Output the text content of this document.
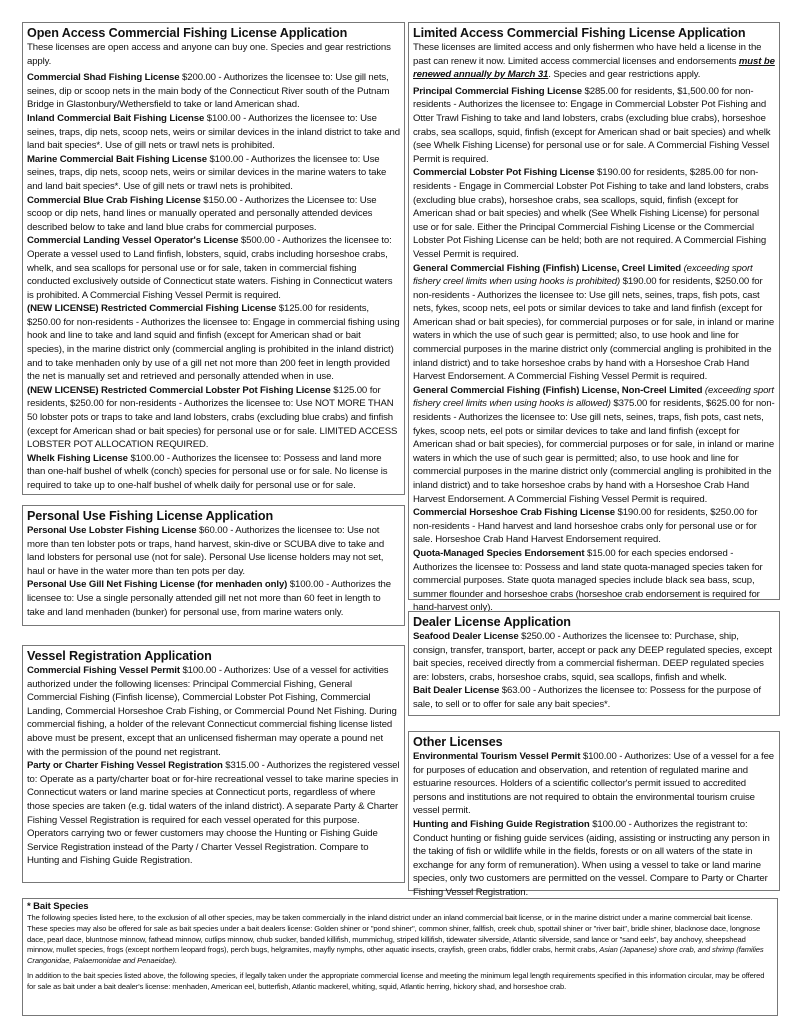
Open Access Commercial Fishing License Application

These licenses are open access and anyone can buy one. Species and gear restrictions apply.

Commercial Shad Fishing License $200.00 - Authorizes the licensee to: Use gill nets, seines, dip or scoop nets in the main body of the Connecticut River south of the Putnam Bridge in Glastonbury/Wethersfield to take or land American shad.

Inland Commercial Bait Fishing License $100.00 - Authorizes the licensee to: Use seines, traps, dip nets, scoop nets, weirs or similar devices in the inland district to take and land bait species*. Use of gill nets or trawl nets is prohibited.

Marine Commercial Bait Fishing License $100.00 - Authorizes the licensee to: Use seines, traps, dip nets, scoop nets, weirs or similar devices in the marine waters to take and land bait species*. Use of gill nets or trawl nets is prohibited.

Commercial Blue Crab Fishing License $150.00 - Authorizes the Licensee to: Use scoop or dip nets, hand lines or manually operated and personally attended devices described below to take and land blue crabs for commercial purposes.

Commercial Landing Vessel Operator's License $500.00 - Authorizes the licensee to: Operate a vessel used to Land finfish, lobsters, squid, crabs including horseshoe crabs, whelk, and sea scallops for personal use or for sale, taken in commercial fishing conducted exclusively outside of Connecticut state waters. Fishing in Connecticut waters is prohibited. A Commercial Fishing Vessel Permit is required.

(NEW LICENSE) Restricted Commercial Fishing License $125.00 for residents, $250.00 for non-residents - Authorizes the licensee to: Engage in commercial fishing using hook and line to take and land squid and finfish (except for American shad or bait species), in the marine district only (commercial angling is prohibited in the inland district) and to take menhaden only by use of a gill net not more than 200 feet in length provided the net is manually set and retrieved and personally attended when in use.

(NEW LICENSE) Restricted Commercial Lobster Pot Fishing License $125.00 for residents, $250.00 for non-residents - Authorizes the licensee to: Use NOT MORE THAN 50 lobster pots or traps to take and land lobsters, crabs (excluding blue crabs) and finfish (except for American shad or bait species) for personal use or for sale. LIMITED ACCESS LOBSTER POT ALLOCATION REQUIRED.

Whelk Fishing License $100.00 - Authorizes the licensee to: Possess and land more than one-half bushel of whelk (conch) species for personal use or for sale. No license is required to take up to one-half bushel of whelk daily for personal use or for sale.

Personal Use Fishing License Application

Personal Use Lobster Fishing License $60.00 - Authorizes the licensee to: Use not more than ten lobster pots or traps, hand harvest, skin-dive or SCUBA dive to take and land lobsters for personal use (not for sale). Personal Use license holders may not set, haul or have in the water more than ten pots per day.

Personal Use Gill Net Fishing License (for menhaden only) $100.00 - Authorizes the licensee to: Use a single personally attended gill net not more than 60 feet in length to take and land menhaden (bunker) for personal use, from marine waters only.

Vessel Registration Application

Commercial Fishing Vessel Permit $100.00 - Authorizes: Use of a vessel for activities authorized under the following licenses: Principal Commercial Fishing, General Commercial Fishing (Finfish license), Commercial Lobster Pot Fishing, Commercial Landing, Commercial Horseshoe Crab Fishing, or Commercial Pound Net Fishing. During commercial fishing, a holder of the relevant Connecticut commercial fishing license listed above must be present, except that an unlicensed fisherman may operate a pound net with the permission of the pound net registrant.

Party or Charter Fishing Vessel Registration $315.00 - Authorizes the registered vessel to: Operate as a party/charter boat or for-hire recreational vessel to take marine species in Connecticut waters or land marine species at Connecticut ports, regardless of where those species are taken (e.g. tidal waters of the inland district). A separate Party & Charter Fishing Vessel Registration is required for each vessel operated for this purpose. Operators carrying two or fewer customers may choose the Hunting or Fishing Guide Service Registration instead of the Party / Charter Vessel Registration. Compare to Hunting and Fishing Guide Registration.

Limited Access Commercial Fishing License Application

These licenses are limited access and only fishermen who have held a license in the past can renew it now. Limited access commercial licenses and endorsements must be renewed annually by March 31. Species and gear restrictions apply.

Principal Commercial Fishing License $285.00 for residents, $1,500.00 for non-residents - Authorizes the licensee to: Engage in Commercial Lobster Pot Fishing and Otter Trawl Fishing to take and land lobsters, crabs (excluding blue crabs), horseshoe crabs, sea scallops, squid, finfish (except for American shad or bait species) and whelk (see Whelk Fishing License) for personal use or for sale. A Commercial Fishing Vessel Permit is required.

Commercial Lobster Pot Fishing License $190.00 for residents, $285.00 for non-residents - Engage in Commercial Lobster Pot Fishing to take and land lobsters, crabs (excluding blue crabs), horseshoe crabs, sea scallops, squid, finfish (except for American shad or bait species) and whelk (See Whelk Fishing License) for personal use or for sale. Either the Principal Commercial Fishing License or the Commercial Lobster Pot Fishing License can be held; both are not required. A Commercial Fishing Vessel Permit is required.

General Commercial Fishing (Finfish) License, Creel Limited (exceeding sport fishery creel limits when using hooks is prohibited) $190.00 for residents, $250.00 for non-residents - Authorizes the licensee to: Use gill nets, seines, traps, fish pots, cast nets, fykes, scoop nets, eel pots or similar devices to take and land finfish (except for American shad or bait species), for commercial purposes or for sale, in inland or marine waters in which the use of such gear is permitted; also, to use hook and line for commercial purposes in the marine district only (commercial angling is prohibited in the inland district) and to take horseshoe crabs by hand with a Horseshoe Crab Hand Harvest Endorsement. A Commercial Fishing Vessel Permit is required.

General Commercial Fishing (Finfish) License, Non-Creel Limited (exceeding sport fishery creel limits when using hooks is allowed) $375.00 for residents, $625.00 for non-residents - Authorizes the licensee to: Use gill nets, seines, traps, fish pots, cast nets, fykes, scoop nets, eel pots or similar devices to take and land finfish (except for American shad or bait species), for commercial purposes or for sale, in inland or marine waters in which the use of such gear is permitted; also, to use hook and line for commercial purposes in the marine district only (commercial angling is prohibited in the inland district) and to take horseshoe crabs by hand with a Horseshoe Crab Hand Harvest Endorsement. A Commercial Fishing Vessel Permit is required.

Commercial Horseshoe Crab Fishing License $190.00 for residents, $250.00 for non-residents - Hand harvest and land horseshoe crabs only for personal use or for sale. Horseshoe Crab Hand Harvest Endorsement required.

Quota-Managed Species Endorsement $15.00 for each species endorsed - Authorizes the licensee to: Possess and land state quota-managed species taken for commercial purposes. State quota managed species include black sea bass, scup, summer flounder and horseshoe crabs (horseshoe crab endorsement is required for hand-harvest only).

Dealer License Application

Seafood Dealer License $250.00 - Authorizes the licensee to: Purchase, ship, consign, transfer, transport, barter, accept or pack any DEEP regulated species, except bait species, received directly from a commercial fisherman. DEEP regulated species are: lobsters, crabs, horseshoe crabs, squid, sea scallops, finfish and whelk.

Bait Dealer License $63.00 - Authorizes the licensee to: Possess for the purpose of sale, to sell or to offer for sale any bait species*.

Other Licenses

Environmental Tourism Vessel Permit $100.00 - Authorizes: Use of a vessel for a fee for purposes of education and observation, and retention of regulated marine and estuarine resources. Holders of a scientific collector's permit issued to accredited persons and institutions are not required to obtain the environmental tourism cruise vessel permit.

Hunting and Fishing Guide Registration $100.00 - Authorizes the registrant to: Conduct hunting or fishing guide services (aiding, assisting or instructing any person in the taking of fish or wildlife while in the fields, forests or on all waters of the state in exchange for any form of remuneration). When using a vessel to take or land marine species, only two customers are permitted on the vessel. Compare to Party or Charter Fishing Vessel Registration.

* Bait Species

The following species listed here, to the exclusion of all other species, may be taken commercially in the inland district under an inland commercial bait license, or in the marine district under a marine commercial bait license. These species may also be offered for sale as bait species under a bait dealers license: Golden shiner or "pond shiner", common shiner, fallfish, creek chub, spottail shiner or "river bait", bridle shiner, blacknose dace, longnose dace, pearl dace, bluntnose minnow, fathead minnow, cutlips minnow, chub sucker, banded killifish, mummichug, striped killifish, tidewater silverside, Atlantic silverside, sand lance or "sand eels", bay anchovy, sheepshead minnow, mullet species, frogs (except northern leopard frogs), perch bugs, helgramites, mayfly nymphs, other aquatic insects, crayfish, green crabs, fiddler crabs, hermit crabs, Asian (Japanese) shore crab, and shrimp (families Crangonidae, Palaemonidae and Penaeidae).

In addition to the bait species listed above, the following species, if legally taken under the appropriate commercial license and meeting the minimum legal length requirements specified in this information circular, may be offered for sale as bait under a bait dealer's license: menhaden, American eel, butterfish, Atlantic mackerel, whiting, squid, Atlantic herring, hickory shad, and horseshoe crab.
